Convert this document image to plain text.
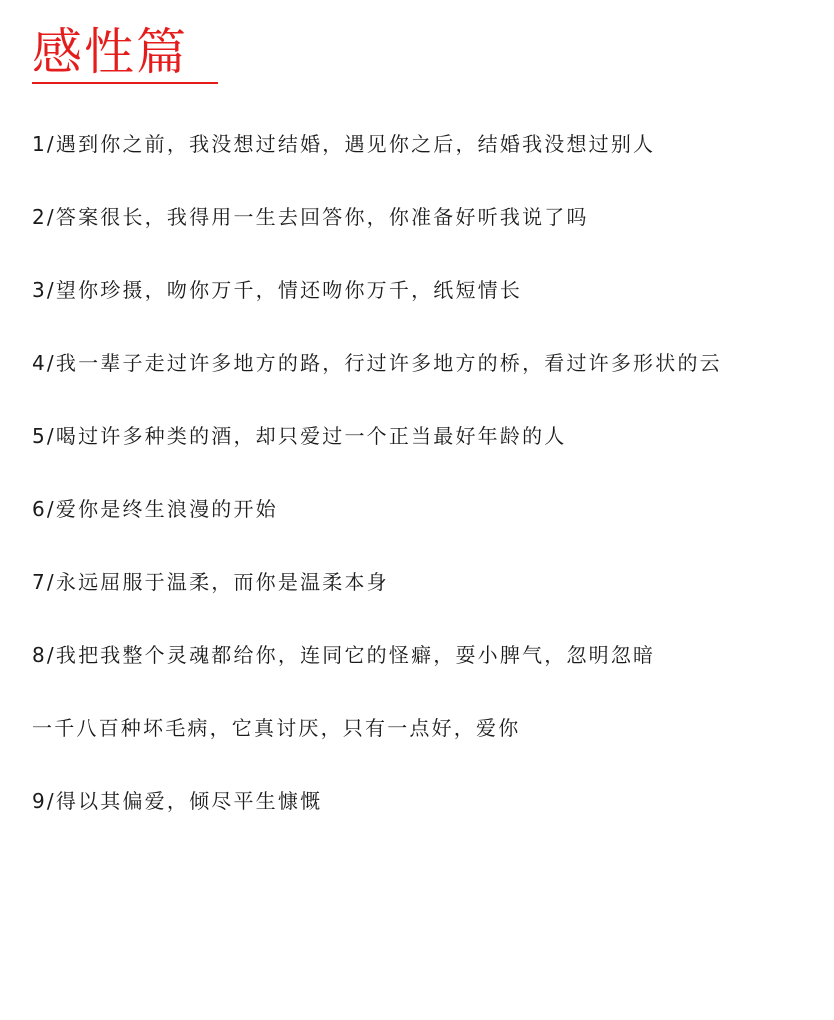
感性篇
1/遇到你之前，我没想过结婚，遇见你之后，结婚我没想过别人
2/答案很长，我得用一生去回答你，你准备好听我说了吗
3/望你珍摄，吻你万千，情还吻你万千，纸短情长
4/我一辈子走过许多地方的路，行过许多地方的桥，看过许多形状的云
5/喝过许多种类的酒，却只爱过一个正当最好年龄的人
6/爱你是终生浪漫的开始
7/永远屈服于温柔，而你是温柔本身
8/我把我整个灵魂都给你，连同它的怪癖，耍小脾气，忽明忽暗
一千八百种坏毛病，它真讨厌，只有一点好，爱你
9/得以其偏爱，倾尽平生慷慨
